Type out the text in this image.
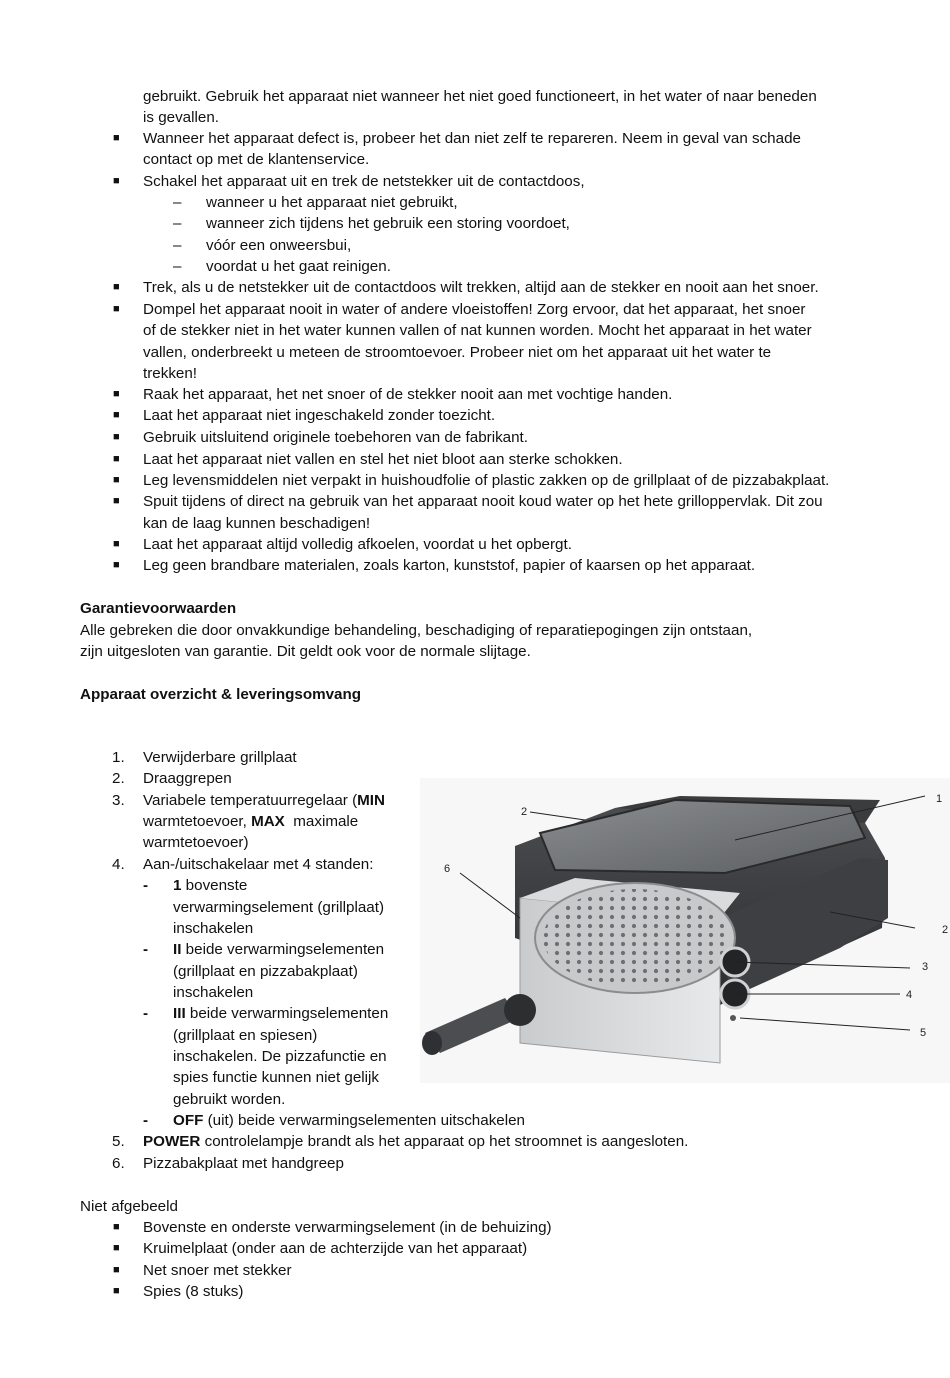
gebruikt. Gebruik het apparaat niet wanneer het niet goed functioneert, in het water of naar beneden
is gevallen.
■ Wanneer het apparaat defect is, probeer het dan niet zelf te repareren. Neem in geval van schade
contact op met de klantenservice.
■ Schakel het apparaat uit en trek de netstekker uit de contactdoos,
– wanneer u het apparaat niet gebruikt,
– wanneer zich tijdens het gebruik een storing voordoet,
– vóór een onweersbui,
– voordat u het gaat reinigen.
■ Trek, als u de netstekker uit de contactdoos wilt trekken, altijd aan de stekker en nooit aan het snoer.
■ Dompel het apparaat nooit in water of andere vloeistoffen! Zorg ervoor, dat het apparaat, het snoer
of de stekker niet in het water kunnen vallen of nat kunnen worden. Mocht het apparaat in het water
vallen, onderbreekt u meteen de stroomtoevoer. Probeer niet om het apparaat uit het water te
trekken!
■ Raak het apparaat, het net snoer of de stekker nooit aan met vochtige handen.
■ Laat het apparaat niet ingeschakeld zonder toezicht.
■ Gebruik uitsluitend originele toebehoren van de fabrikant.
■ Laat het apparaat niet vallen en stel het niet bloot aan sterke schokken.
■ Leg levensmiddelen niet verpakt in huishoudfolie of plastic zakken op de grillplaat of de pizzabakplaat.
■ Spuit tijdens of direct na gebruik van het apparaat nooit koud water op het hete grilloppervlak. Dit zou
kan de laag kunnen beschadigen!
■ Laat het apparaat altijd volledig afkoelen, voordat u het opbergt.
■ Leg geen brandbare materialen, zoals karton, kunststof, papier of kaarsen op het apparaat.
Garantievoorwaarden
Alle gebreken die door onvakkundige behandeling, beschadiging of reparatiepogingen zijn ontstaan,
zijn uitgesloten van garantie. Dit geldt ook voor de normale slijtage.
Apparaat overzicht & leveringsomvang
1. Verwijderbare grillplaat
2. Draaggrepen
3. Variabele temperatuurregelaar (MIN
warmtetoevoer, MAX  maximale
warmtetoevoer)
4. Aan-/uitschakelaar met 4 standen:
- 1 bovenste
verwarmingselement (grillplaat)
inschakelen
- II beide verwarmingselementen
(grillplaat en pizzabakplaat)
inschakelen
- III beide verwarmingselementen
(grillplaat en spiesen)
inschakelen. De pizzafunctie en
spies functie kunnen niet gelijk
gebruikt worden.
- OFF (uit) beide verwarmingselementen uitschakelen
5. POWER controlelampje brandt als het apparaat op het stroomnet is aangesloten.
6. Pizzabakplaat met handgreep
1
2
2
3
4
5
6
Niet afgebeeld
■ Bovenste en onderste verwarmingselement (in de behuizing)
■ Kruimelplaat (onder aan de achterzijde van het apparaat)
■ Net snoer met stekker
■ Spies (8 stuks)
